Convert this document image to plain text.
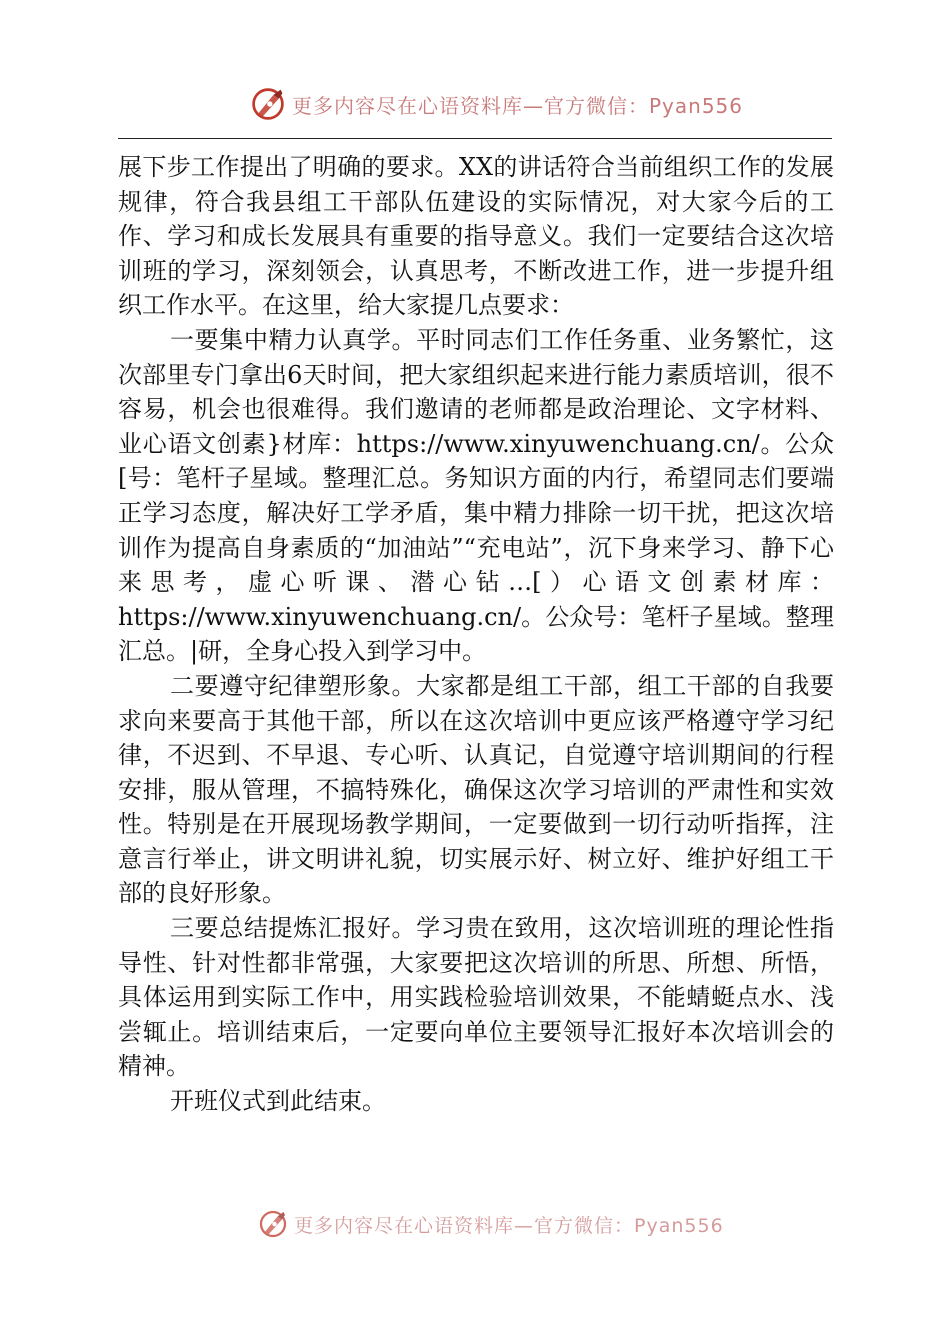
更多内容尽在心语资料库—官方微信：Pyan556

展下步工作提出了明确的要求。XX的讲话符合当前组织工作的发展规律，符合我县组工干部队伍建设的实际情况，对大家今后的工作、学习和成长发展具有重要的指导意义。我们一定要结合这次培训班的学习，深刻领会，认真思考，不断改进工作，进一步提升组织工作水平。在这里，给大家提几点要求：

一要集中精力认真学。平时同志们工作任务重、业务繁忙，这次部里专门拿出6天时间，把大家组织起来进行能力素质培训，很不容易，机会也很难得。我们邀请的老师都是政治理论、文字材料、业心语文创素}材库：https://www.xinyuwenchuang.cn/。公众[号：笔杆子星域。整理汇总。务知识方面的内行，希望同志们要端正学习态度，解决好工学矛盾，集中精力排除一切干扰，把这次培训作为提高自身素质的“加油站”“充电站”，沉下身来学习、静下心来思考，虚心听课、潜心钻…[）心语文创素材库：https://www.xinyuwenchuang.cn/。公众号：笔杆子星域。整理汇总。|研，全身心投入到学习中。

二要遵守纪律塑形象。大家都是组工干部，组工干部的自我要求向来要高于其他干部，所以在这次培训中更应该严格遵守学习纪律，不迟到、不早退、专心听、认真记，自觉遵守培训期间的行程安排，服从管理，不搞特殊化，确保这次学习培训的严肃性和实效性。特别是在开展现场教学期间，一定要做到一切行动听指挥，注意言行举止，讲文明讲礼貌，切实展示好、树立好、维护好组工干部的良好形象。

三要总结提炼汇报好。学习贵在致用，这次培训班的理论性指导性、针对性都非常强，大家要把这次培训的所思、所想、所悟，具体运用到实际工作中，用实践检验培训效果，不能蜻蜓点水、浅尝辄止。培训结束后，一定要向单位主要领导汇报好本次培训会的精神。

开班仪式到此结束。

更多内容尽在心语资料库—官方微信：Pyan556
